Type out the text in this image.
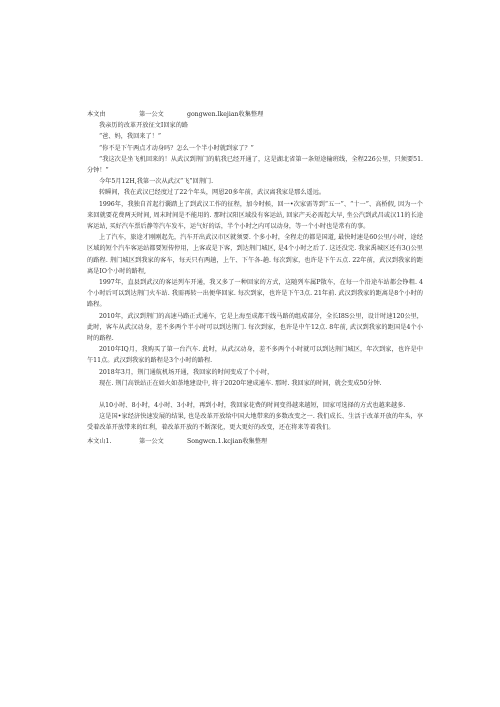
本文由	第一公文	gongwen.lkejian收集整理
我亲历的改革开放征文I回家的路
“爸、妈，我回来了！”
“你不是下午两点才动身吗？怎么一个半小时就到家了？”
“我这次是坐飞机回来的！从武汉到荆门的航我已经开通了，这是湖北省第一条短途输班线，全程226公里，只须要51.分钟！”
今年5月12H,我第一次从武汉“飞”回荆门.
转瞬间，我在武汉已经度过了22个年头，网恩20多年前，武汉离我家是那么遥远。
1996年，我独自首起行囊踏上了到武汉工作的征程，加今时候，回一•次家需等到“五一”、“十一”、高桥假, 因为一个来回就要花费两天时间, 周末时间是不能用的. 那时汉阳区域没有客运站, 回家产天必需起大早, 坐公汽到武昌或汉11的长途客运站, 买好汽车票后静等汽车发车，运气好的话，半个小时之内可以动身，等一个小时也是常有的事。
上了汽车，旅途才刚刚起先，汽车开出武汉市区就须要. 个多小时，全程走的都是国道, 最快时速是60公里/小时，途经区域的短个汽车客运站都要短传停用，上客或是下客，到达荆门城区, 是4个小时之后了. 这还没完. 我家禹城区还有3()公里的路程. 荆门城区到我家的客车，每天只有两趟，上午、下午各-趟. 每次到家，也许是下午五点. 22年前，武汉到我家的距离是IO个小时的路程,
1997年，直县到武汉的客运列车开通，我又多了一种回家的方式，这随列车属P散车，在每一个沿途车站都会铮粗. 4个小时后可以到达荆门火车站. 我需再转一出便华回家. 每次到家，也许是下午3点. 21年前. 武汉到我家的距离是8个小时的路程。
2010年，武汉到荆门的高速马路正式通车，它是上海至成都干线马路的组成部分，全长I8S公里，设计时速120公里，此时，客车从武汉动身，差不多两个半小时可以到达荆门. 每次到家，也许是中午12点. 8年前, 武汉到我家的距国是4个小时的路程.
2010年IQ月，我购买了第一台汽车. 此时，从武汉动身，差不多两个小时就可以到达荆门城区，年次到家，也许是中午11点。武汉到我家的路程是3个小时的路程.
2018年3月，荆门通航机场开通，我回家的时间变成了个小时，
现在. 荆门高铁站正在如火如荼地建设中, 将于2020年建成通车. 那时. 我回家的时间，就会变成50分钟.
从10小时、8小时，4小时、3小时，再到小时，我回家花费的时间变得越来越短，回家可选择的方式也越来越多.
这是国•家经济快速发展的结果, 也是改革开放给中国大地带来的多数改变之一. 我们成长、生活于改革开放的年头，享受着改革开放带来的红利，着改革开放的不断深化，更大更好的改变，还在将来等着我们。
本文山1.	第一公文	Songwcn.1.kcjian收集整理
